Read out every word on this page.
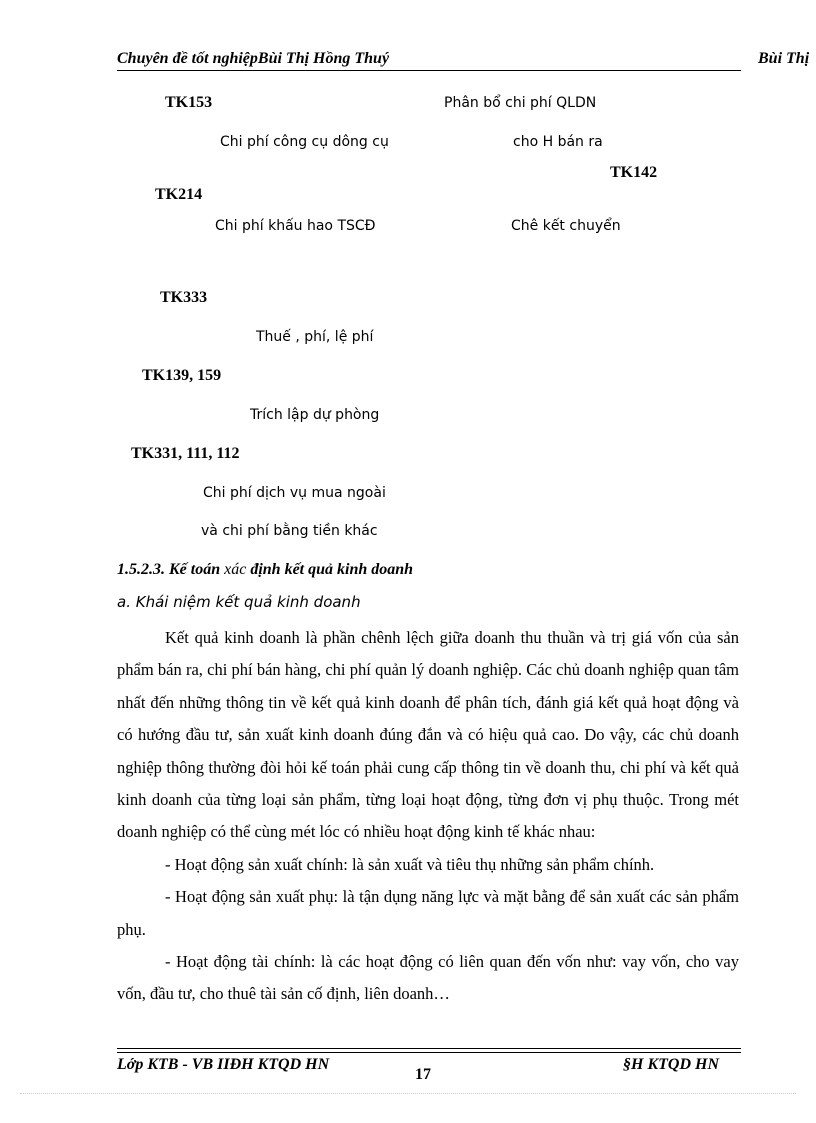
Chuyên đề tốt nghiệpBùi Thị Hồng Thuý	Bùi Thị
TK153	Phân bổ chi phí QLDN
Chi phí công cụ dông cụ	cho H bán ra
TK142
TK214
Chi phí khấu hao TSCĐ	Chê kết chuyển
TK333
Thuế , phí, lệ phí
TK139, 159
Trích lập dự phòng
TK331, 111, 112
Chi phí dịch vụ mua ngoài
và chi phí bằng tiền khác
1.5.2.3. Kế toán xác định kết quả kinh doanh
a. Khái niệm kết quả kinh doanh

Kết quả kinh doanh là phần chênh lệch giữa doanh thu thuần và trị giá vốn của sản phẩm bán ra, chi phí bán hàng, chi phí quản lý doanh nghiệp. Các chủ doanh nghiệp quan tâm nhất đến những thông tin về kết quả kinh doanh để phân tích, đánh giá kết quả hoạt động và có hướng đầu tư, sản xuất kinh doanh đúng đắn và có hiệu quả cao. Do vậy, các chủ doanh nghiệp thông thường đòi hỏi kế toán phải cung cấp thông tin về doanh thu, chi phí và kết quả kinh doanh của từng loại sản phẩm, từng loại hoạt động, từng đơn vị phụ thuộc. Trong mét doanh nghiệp có thể cùng mét lóc có nhiều hoạt động kinh tế khác nhau:

- Hoạt động sản xuất chính: là sản xuất và tiêu thụ những sản phẩm chính.

- Hoạt động sản xuất phụ: là tận dụng năng lực và mặt bằng để sản xuất các sản phẩm phụ.

- Hoạt động tài chính: là các hoạt động có liên quan đến vốn như: vay vốn, cho vay vốn, đầu tư, cho thuê tài sản cố định, liên doanh…

Lớp KTB - VB IIĐH KTQD HN
17
§H KTQD HN
